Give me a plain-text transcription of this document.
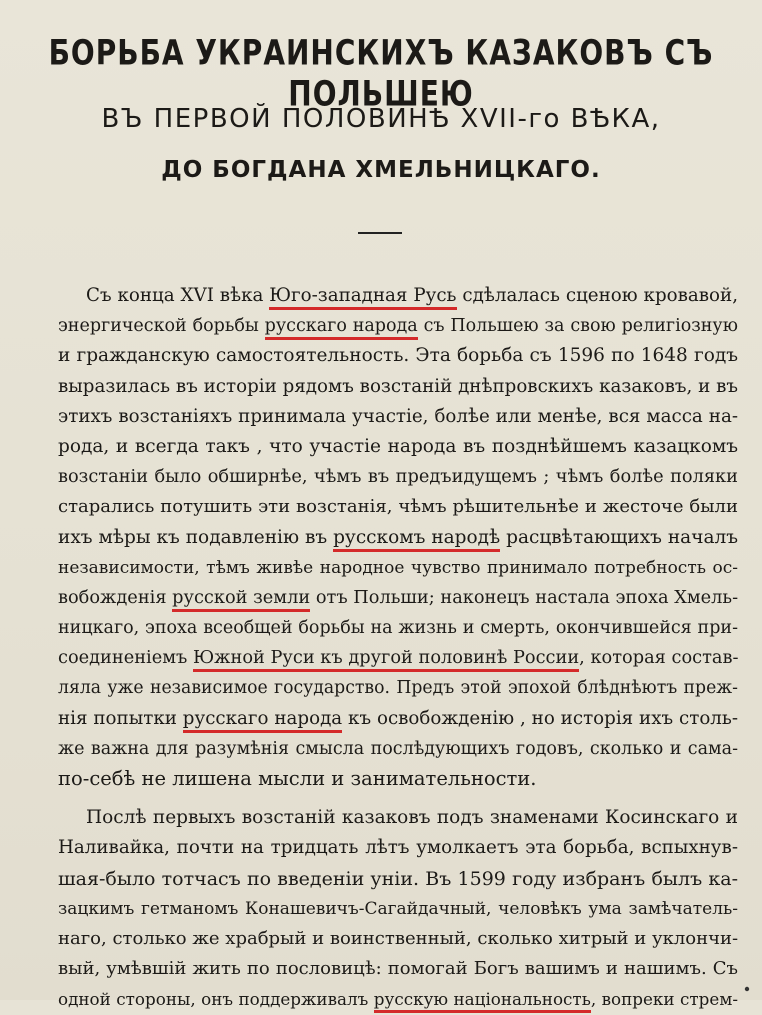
БОРЬБА УКРАИНСКИХЪ КАЗАКОВЪ СЪ ПОЛЬШЕЮ
ВЪ ПЕРВОЙ ПОЛОВИНѢ XVII-го ВѢКА,
ДО БОГДАНА ХМЕЛЬНИЦКАГО.
Съ конца XVI вѣка Юго-западная Русь сдѣлалась сценою кровавой,
энергической борьбы русскаго народа съ Польшею за свою религiозную
и гражданскую самостоятельность. Эта борьба съ 1596 по 1648 годъ
выразилась въ исторiи рядомъ возстанiй днѣпровскихъ казаковъ, и въ
этихъ возстанiяхъ принимала участiе, болѣе или менѣе, вся масса на-
рода, и всегда такъ , что участiе народа въ позднѣйшемъ казацкомъ
возстанiи было обширнѣе, чѣмъ въ предъидущемъ ; чѣмъ болѣе поляки
старались потушить эти возстанiя, чѣмъ рѣшительнѣе и жесточе были
ихъ мѣры къ подавленiю въ русскомъ народѣ расцвѣтающихъ началъ
независимости, тѣмъ живѣе народное чувство принимало потребность ос-
вобожденiя русской земли отъ Польши; наконецъ настала эпоха Хмель-
ницкаго, эпоха всеобщей борьбы на жизнь и смерть, окончившейся при-
соединенiемъ Южной Руси къ другой половинѣ России, которая состав-
ляла уже независимое государство. Предъ этой эпохой блѣднѣютъ преж-
нiя попытки русскаго народа къ освобожденiю , но исторiя ихъ столь-
же важна для разумѣнiя смысла послѣдующихъ годовъ, сколько и сама-
по-себѣ не лишена мысли и занимательности.
Послѣ первыхъ возстанiй казаковъ подъ знаменами Косинскаго и
Наливайка, почти на тридцать лѣтъ умолкаетъ эта борьба, вспыхнув-
шая-было тотчасъ по введенiи унiи. Въ 1599 году избранъ былъ ка-
зацкимъ гетманомъ Конашевичъ-Сагайдачный, человѣкъ ума замѣчатель-
наго, столько же храбрый и воинственный, сколько хитрый и уклончи-
вый, умѣвшiй жить по пословицѣ: помогай Богъ вашимъ и нашимъ. Съ
одной стороны, онъ поддерживалъ русскую нацiональность, вопреки стрем-
